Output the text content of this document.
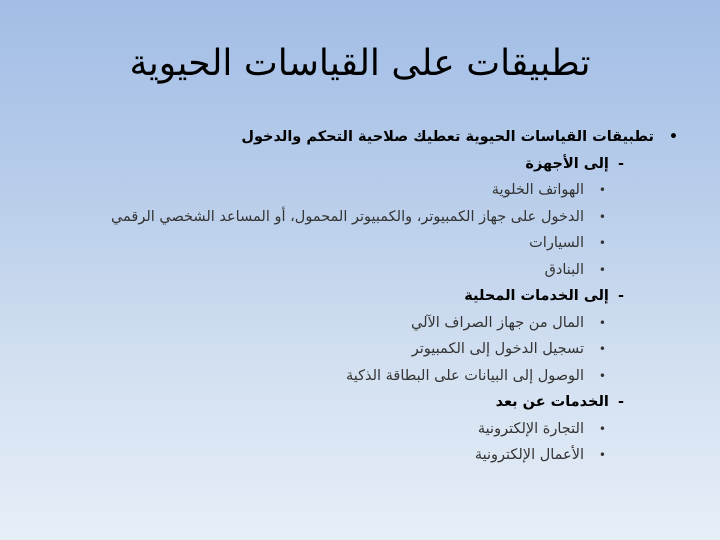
تطبيقات على القياسات الحيوية
•
تطبيقات القياسات الحيوية تعطيك صلاحية التحكم والدخول
- إلى الأجهزة
•
الهواتف الخلوية
•
الدخول على جهاز الكمبيوتر، والكمبيوتر المحمول، أو المساعد الشخصي الرقمي
•
السيارات
•
البنادق
- إلى الخدمات المحلية
•
المال من جهاز الصراف الآلي
•
تسجيل الدخول إلى الكمبيوتر
•
الوصول إلى البيانات على البطاقة الذكية
- الخدمات عن بعد
•
التجارة الإلكترونية
•
الأعمال الإلكترونية
